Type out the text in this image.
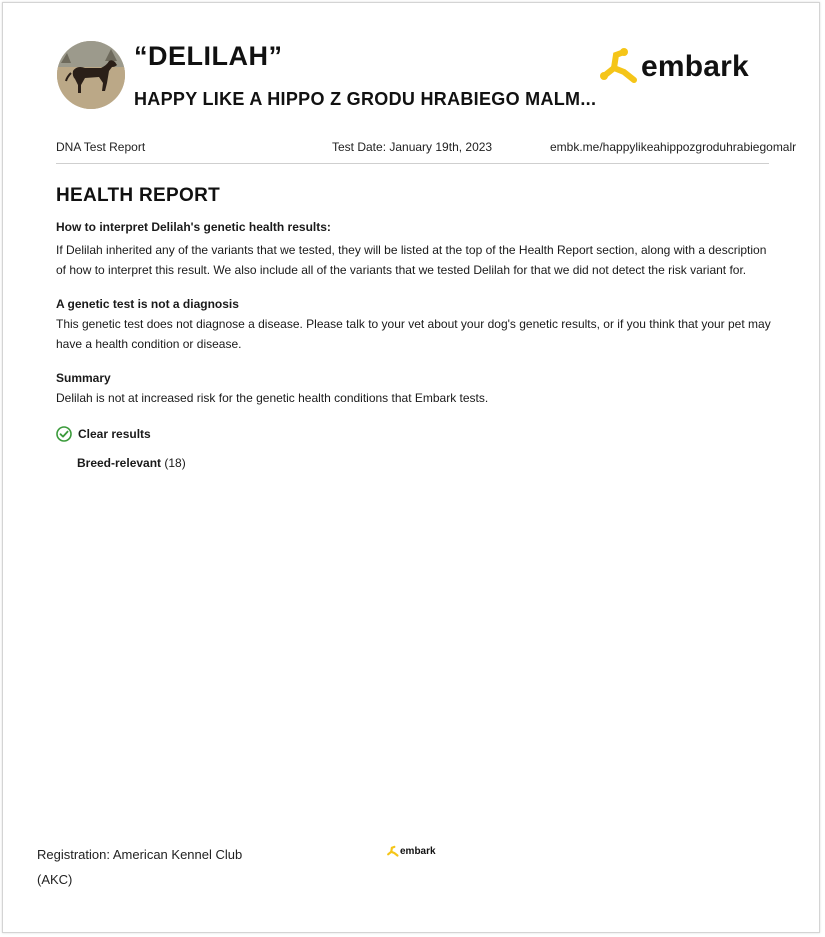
“DELILAH”
HAPPY LIKE A HIPPO Z GRODU HRABIEGO MALM...
embark
DNA Test Report	Test Date: January 19th, 2023	embk.me/happylikeahippozgroduhrabiegomalr
HEALTH REPORT
How to interpret Delilah's genetic health results:

If Delilah inherited any of the variants that we tested, they will be listed at the top of the Health Report section, along with a description of how to interpret this result. We also include all of the variants that we tested Delilah for that we did not detect the risk variant for.

A genetic test is not a diagnosis

This genetic test does not diagnose a disease. Please talk to your vet about your dog's genetic results, or if you think that your pet may have a health condition or disease.

Summary

Delilah is not at increased risk for the genetic health conditions that Embark tests.

Clear results
Breed-relevant (18)
Registration: American Kennel Club
(AKC)
embark
